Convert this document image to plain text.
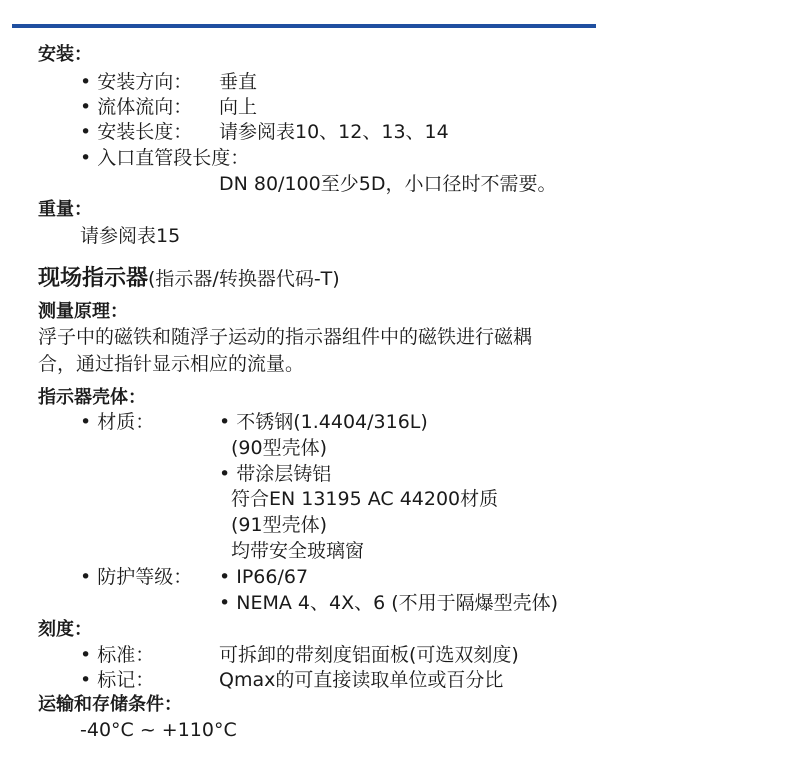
安装：
• 安装方向： 垂直
• 流体流向： 向上
• 安装长度： 请参阅表10、12、13、14
• 入口直管段长度：
DN 80/100至少5D，小口径时不需要。
重量：
请参阅表15
现场指示器(指示器/转换器代码-T)
测量原理：
浮子中的磁铁和随浮子运动的指示器组件中的磁铁进行磁耦
合，通过指针显示相应的流量。
指示器壳体：
• 材质：	• 不锈钢(1.4404/316L)
(90型壳体)
• 带涂层铸铝
符合EN 13195 AC 44200材质
(91型壳体)
均带安全玻璃窗
• 防护等级： • IP66/67
• NEMA 4、4X、6 (不用于隔爆型壳体)
刻度：
• 标准：	可拆卸的带刻度铝面板(可选双刻度)
• 标记：	Qmax的可直接读取单位或百分比
运输和存储条件：
-40°C ~ +110°C
